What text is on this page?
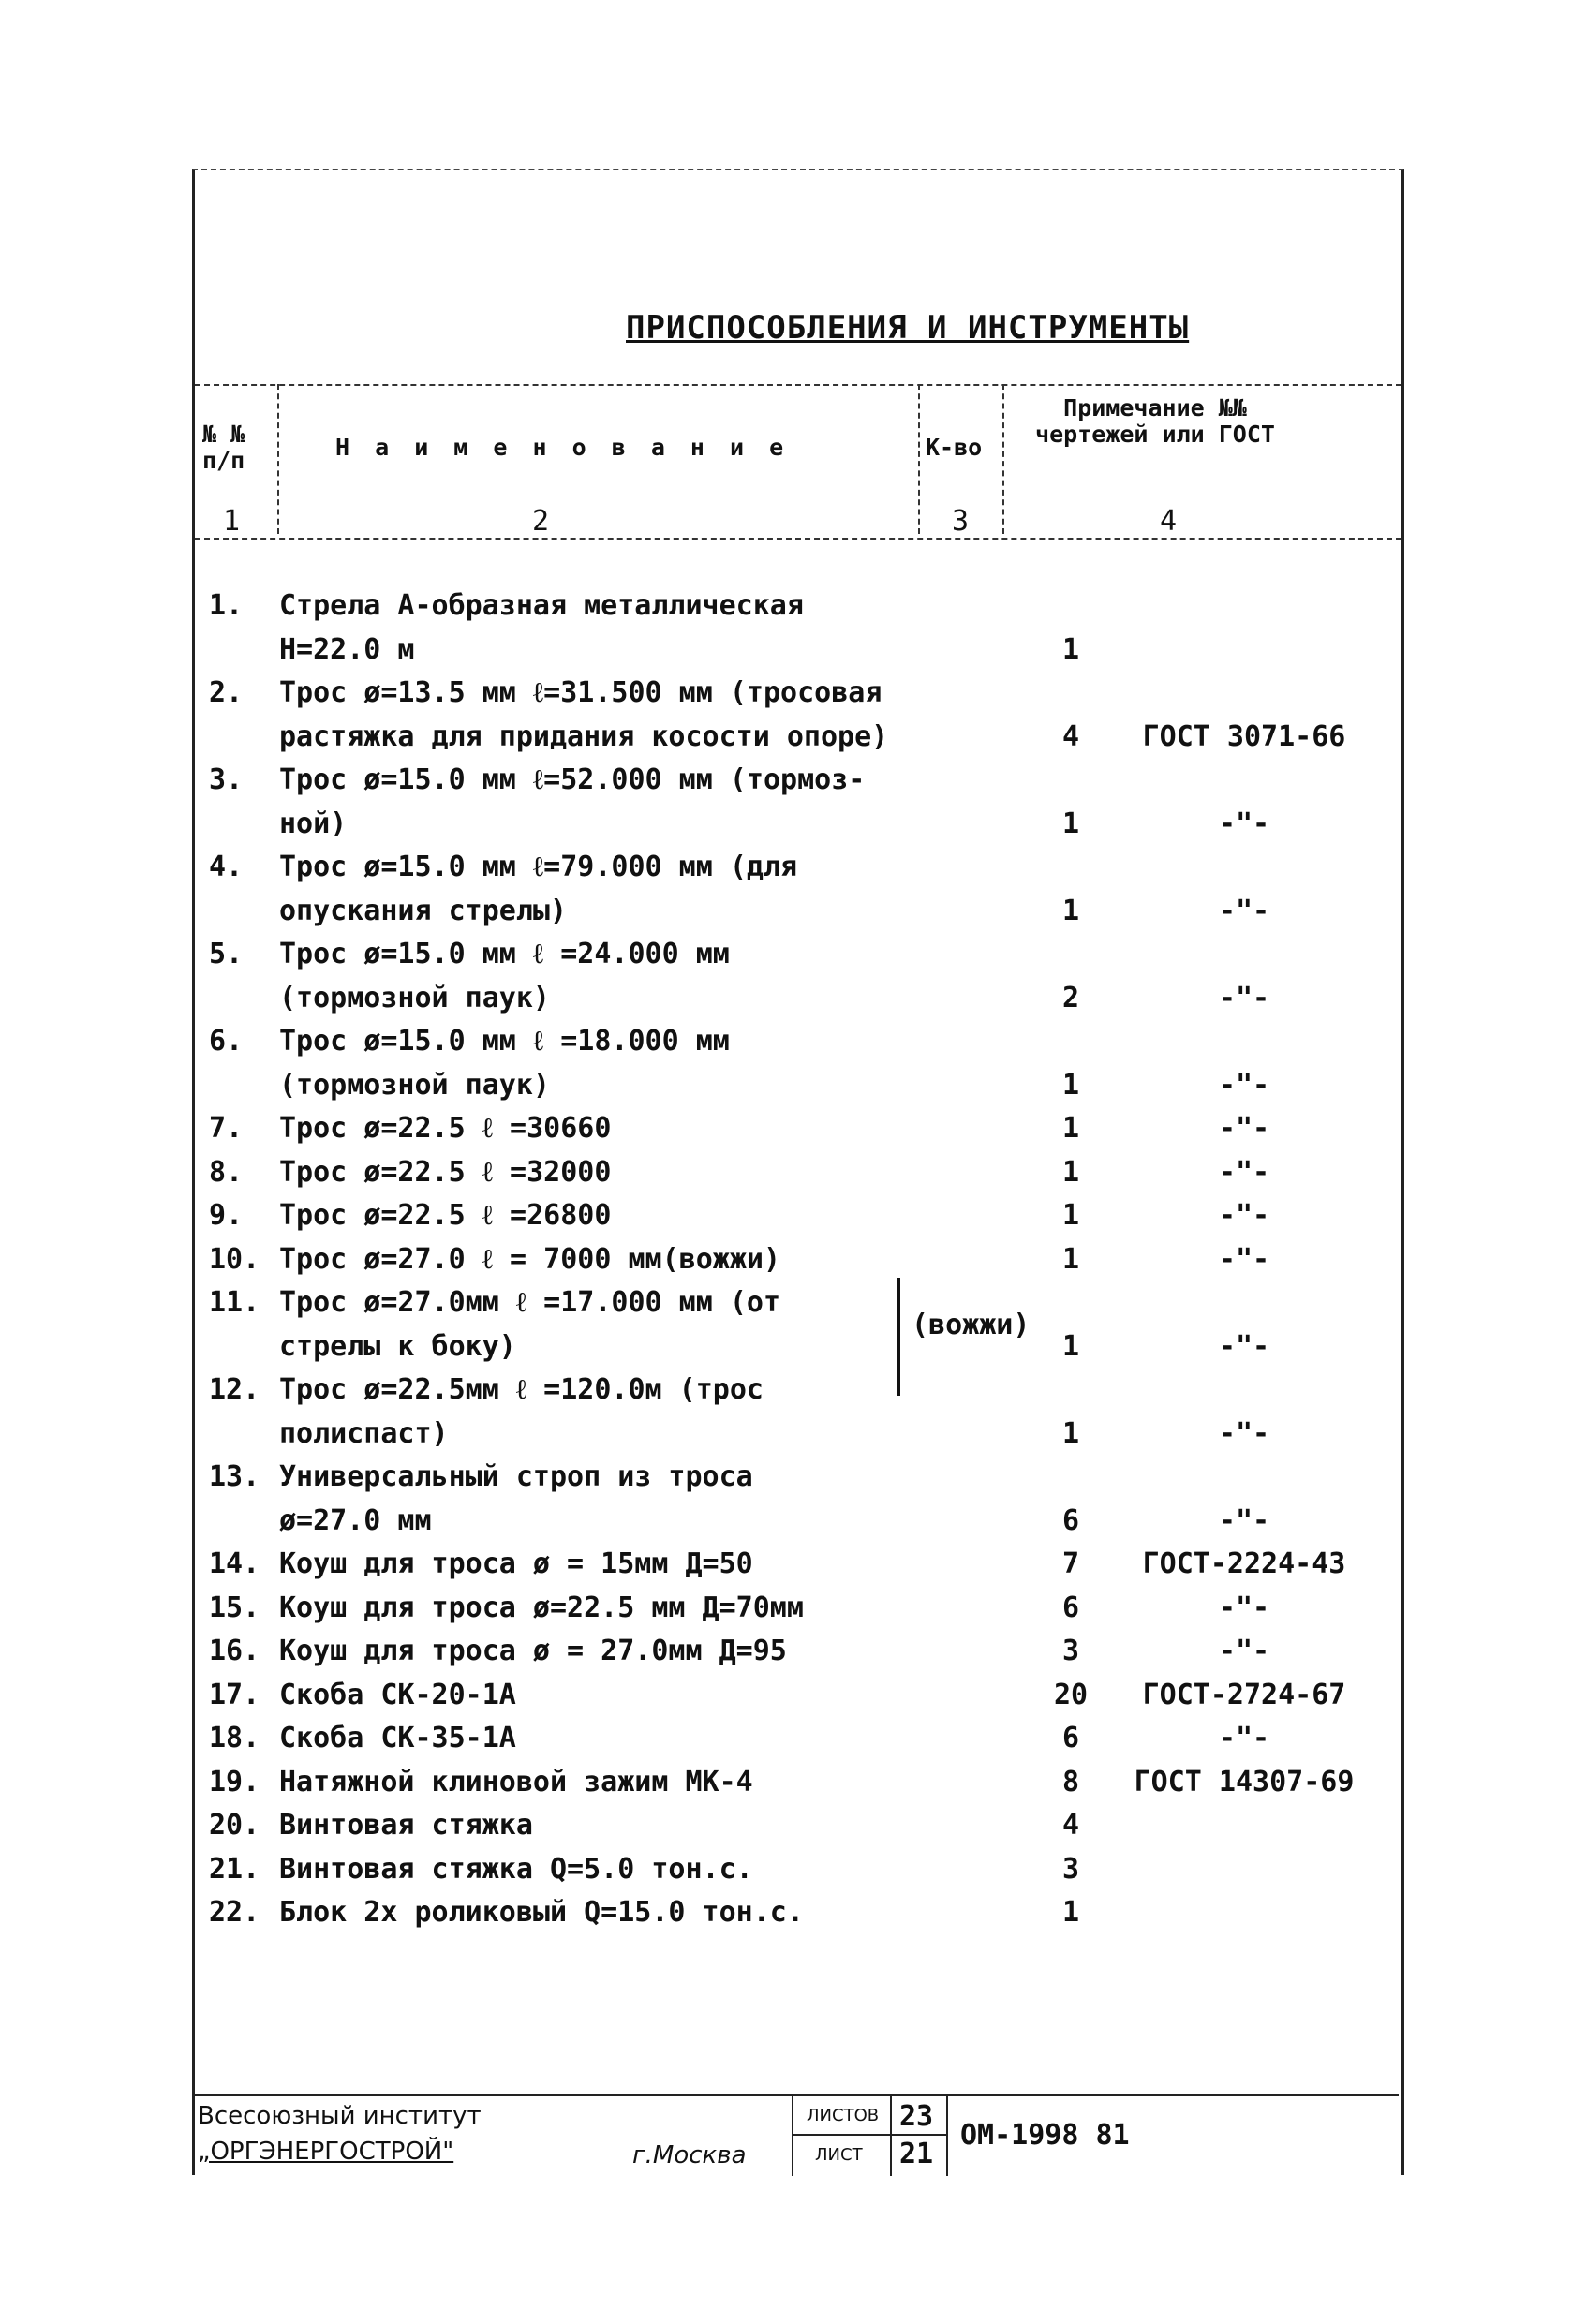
ПРИСПОСОБЛЕНИЯ И ИНСТРУМЕНТЫ
№ № п/п	Н а и м е н о в а н и е	К-во
Примечание №№ чертежей или ГОСТ
1	2	3	4
1.	Стрела А-образная металлическая
Н=22.0 м	1
2.	Трос ø=13.5 мм ℓ=31.500 мм (тросовая
растяжка для придания косости опоре)	4	ГОСТ 3071-66
3.	Трос ø=15.0 мм ℓ=52.000 мм (тормоз-
ной)	1	-"-
4.	Трос ø=15.0 мм ℓ=79.000 мм (для
опускания стрелы)	1	-"-
5.	Трос ø=15.0 мм ℓ =24.000 мм
(тормозной паук)	2	-"-
6.	Трос ø=15.0 мм ℓ =18.000 мм
(тормозной паук)	1	-"-
7.	Трос ø=22.5 ℓ =30660	1	-"-
8.	Трос ø=22.5 ℓ =32000	1	-"-
9.	Трос ø=22.5 ℓ =26800	1	-"-
10. Трос ø=27.0 ℓ = 7000 мм(вожжи)	1	-"-
11. Трос ø=27.0мм ℓ =17.000 мм (от
стрелы к боку)	1	-"-
12. Трос ø=22.5мм ℓ =120.0м (трос
полиспаст)	1	-"-
13. Универсальный строп из троса
ø=27.0 мм	6	-"-
14. Коуш для троса ø = 15мм Д=50	7	ГОСТ-2224-43
15. Коуш для троса ø=22.5 мм Д=70мм	6	-"-
16. Коуш для троса ø = 27.0мм Д=95	3	-"-
17. Скоба СК-20-1А	20	ГОСТ-2724-67
18. Скоба СК-35-1А	6	-"-
19. Натяжной клиновой зажим МК-4	8	ГОСТ 14307-69
20. Винтовая стяжка	4
21. Винтовая стяжка Q=5.0 тон.с.	3
22. Блок 2х роликовый Q=15.0 тон.с.	1
(вожжи)
Всесоюзный институт
„ОРГЭНЕРГОСТРОЙ"	г.Москва
ЛИСТОВ
ЛИСТ
23
21
ОМ-1998 81
